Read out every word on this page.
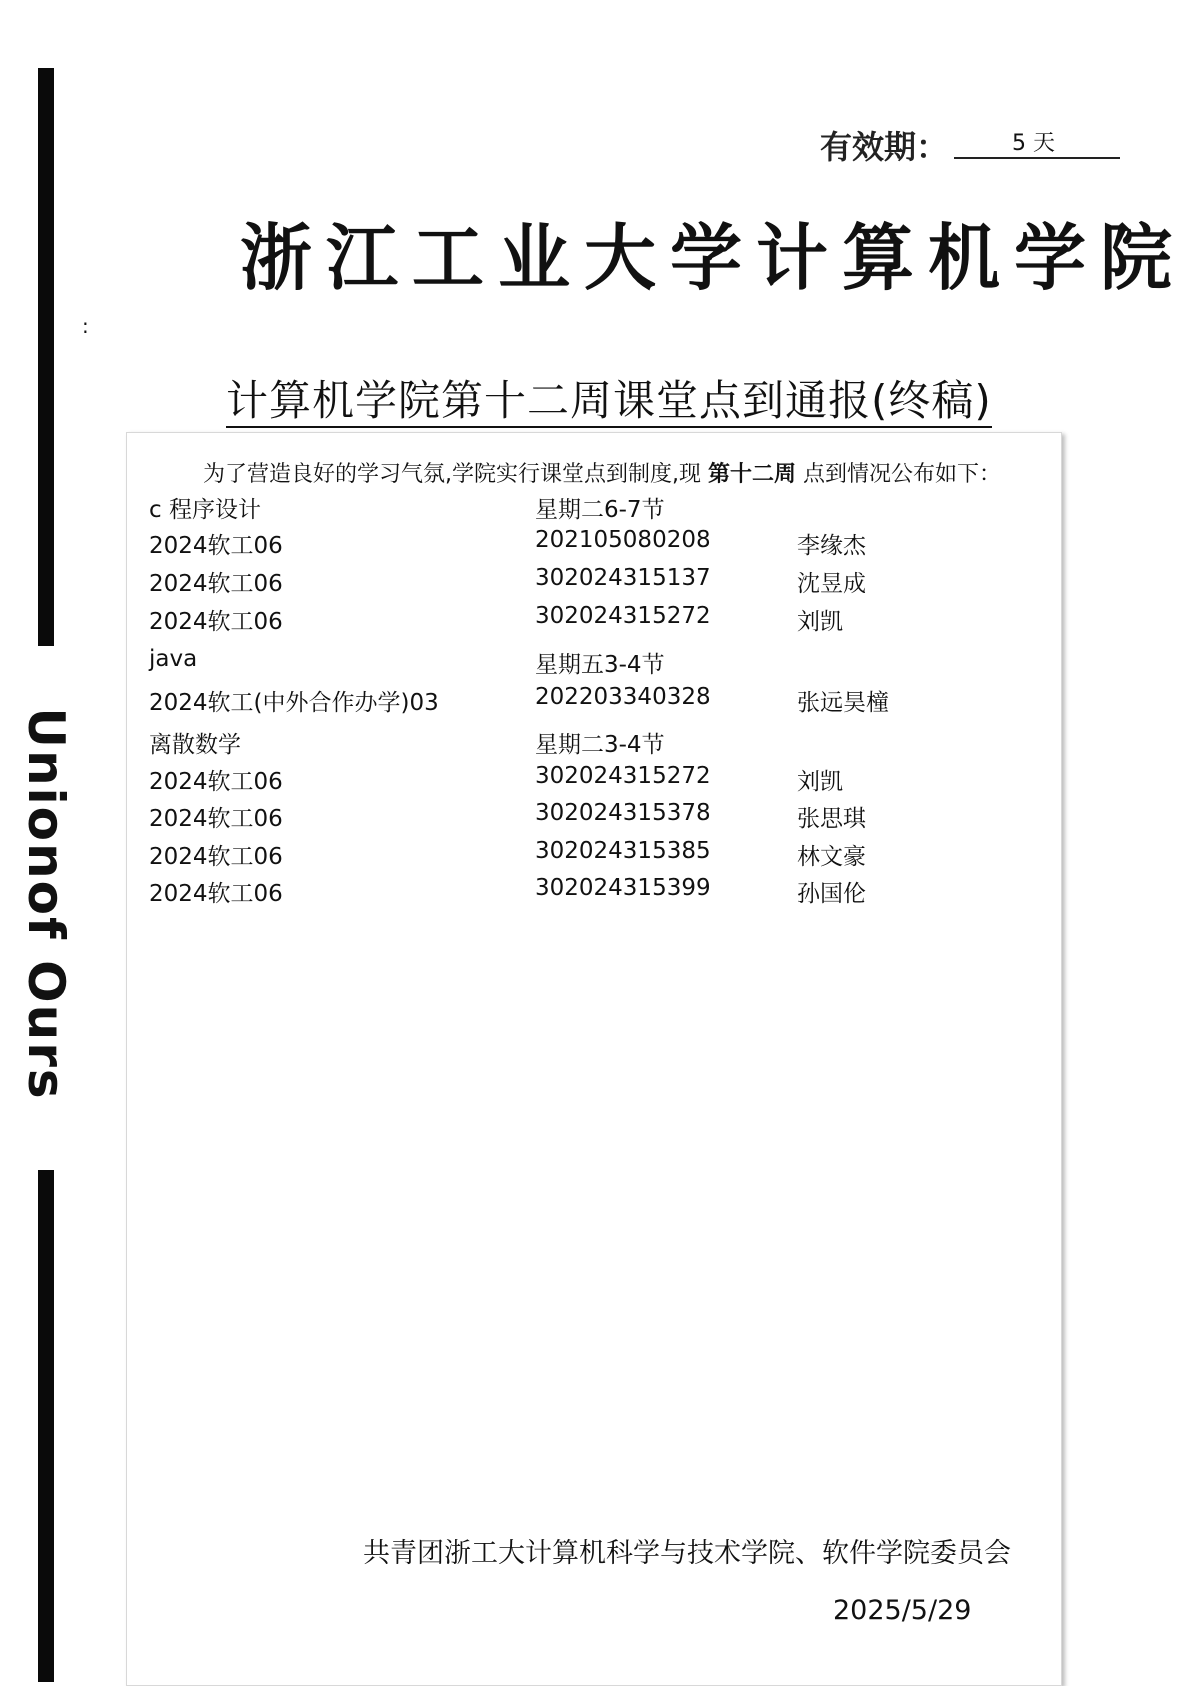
Unionof Ours
有效期：	5 天
浙江工业大学计算机学院
:
计算机学院第十二周课堂点到通报(终稿)
为了营造良好的学习气氛,学院实行课堂点到制度,现 第十二周 点到情况公布如下：
c 程序设计	星期二6-7节
2024软工06	202105080208	李缘杰
2024软工06	302024315137	沈昱成
2024软工06	302024315272	刘凯
java	星期五3-4节
2024软工(中外合作办学)03	202203340328	张远昊橦
离散数学	星期二3-4节
2024软工06	302024315272	刘凯
2024软工06	302024315378	张思琪
2024软工06	302024315385	林文豪
2024软工06	302024315399	孙国伦
共青团浙工大计算机科学与技术学院、软件学院委员会
2025/5/29
